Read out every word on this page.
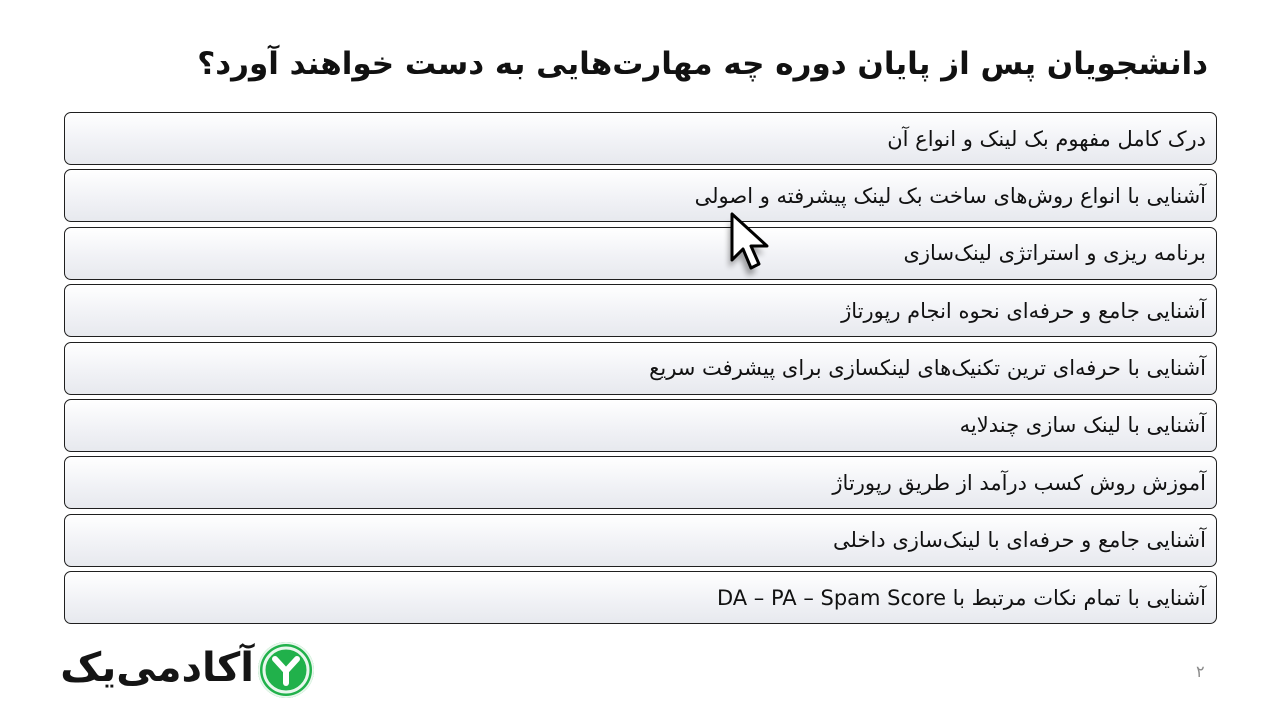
دانشجویان پس از پایان دوره چه مهارت‌هایی به دست خواهند آورد؟
درک کامل مفهوم بک لینک و انواع آن
آشنایی با انواع روش‌های ساخت بک لینک پیشرفته و اصولی
برنامه ریزی و استراتژی لینک‌سازی
آشنایی جامع و حرفه‌ای نحوه انجام رپورتاژ
آشنایی با حرفه‌ای ترین تکنیک‌های لینکسازی برای پیشرفت سریع
آشنایی با لینک سازی چندلایه
آموزش روش کسب درآمد از طریق رپورتاژ
آشنایی جامع و حرفه‌ای با لینک‌سازی داخلی
آشنایی با تمام نکات مرتبط با DA – PA – Spam Score
آکادمی‌یک	۲
